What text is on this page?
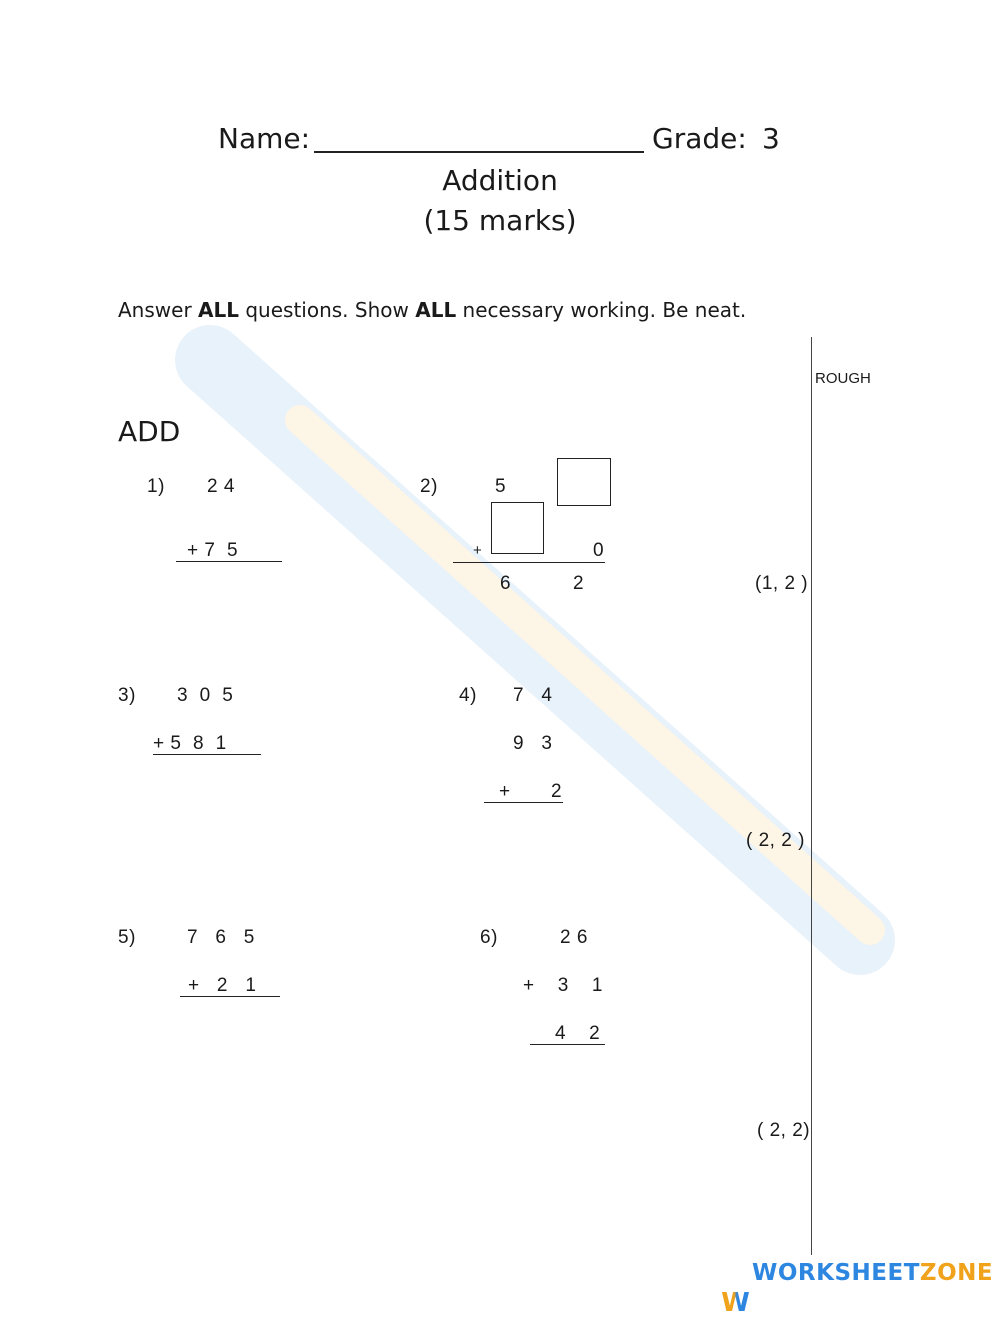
Name:	Grade: 3
Addition
(15 marks)
Answer ALL questions. Show ALL necessary working. Be neat.
ROUGH
ADD
1) 2 4
+ 7  5
2)	5
+	0
6	2	(1, 2 )
3) 3  0  5
+ 5  8  1
4) 7   4
9   3
+ 2
( 2, 2 )
5)	7   6   5
+   2   1
6)	2 6
+    3    1
4    2
( 2, 2)

W

WORKSHEETZONE
